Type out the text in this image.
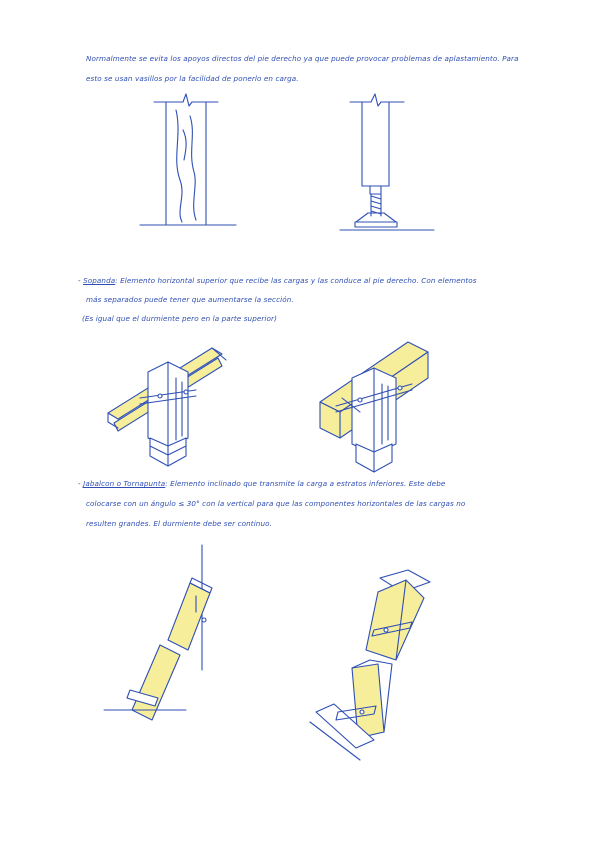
Normalmente se evita los apoyos directos del pie derecho ya que puede provocar problemas de aplastamiento. Para
esto se usan vasillos por la facilidad de ponerlo en carga.
- Sopanda: Elemento horizontal superior que recibe las cargas y las conduce al pie derecho. Con elementos
más separados puede tener que aumentarse la sección.
(Es igual que el durmiente pero en la parte superior)
- Jabalcon o Tornapunta: Elemento inclinado que transmite la carga a estratos inferiores. Este debe
colocarse con un ángulo ≤ 30° con la vertical para que las componentes horizontales de las cargas no
resulten grandes. El durmiente debe ser continuo.
